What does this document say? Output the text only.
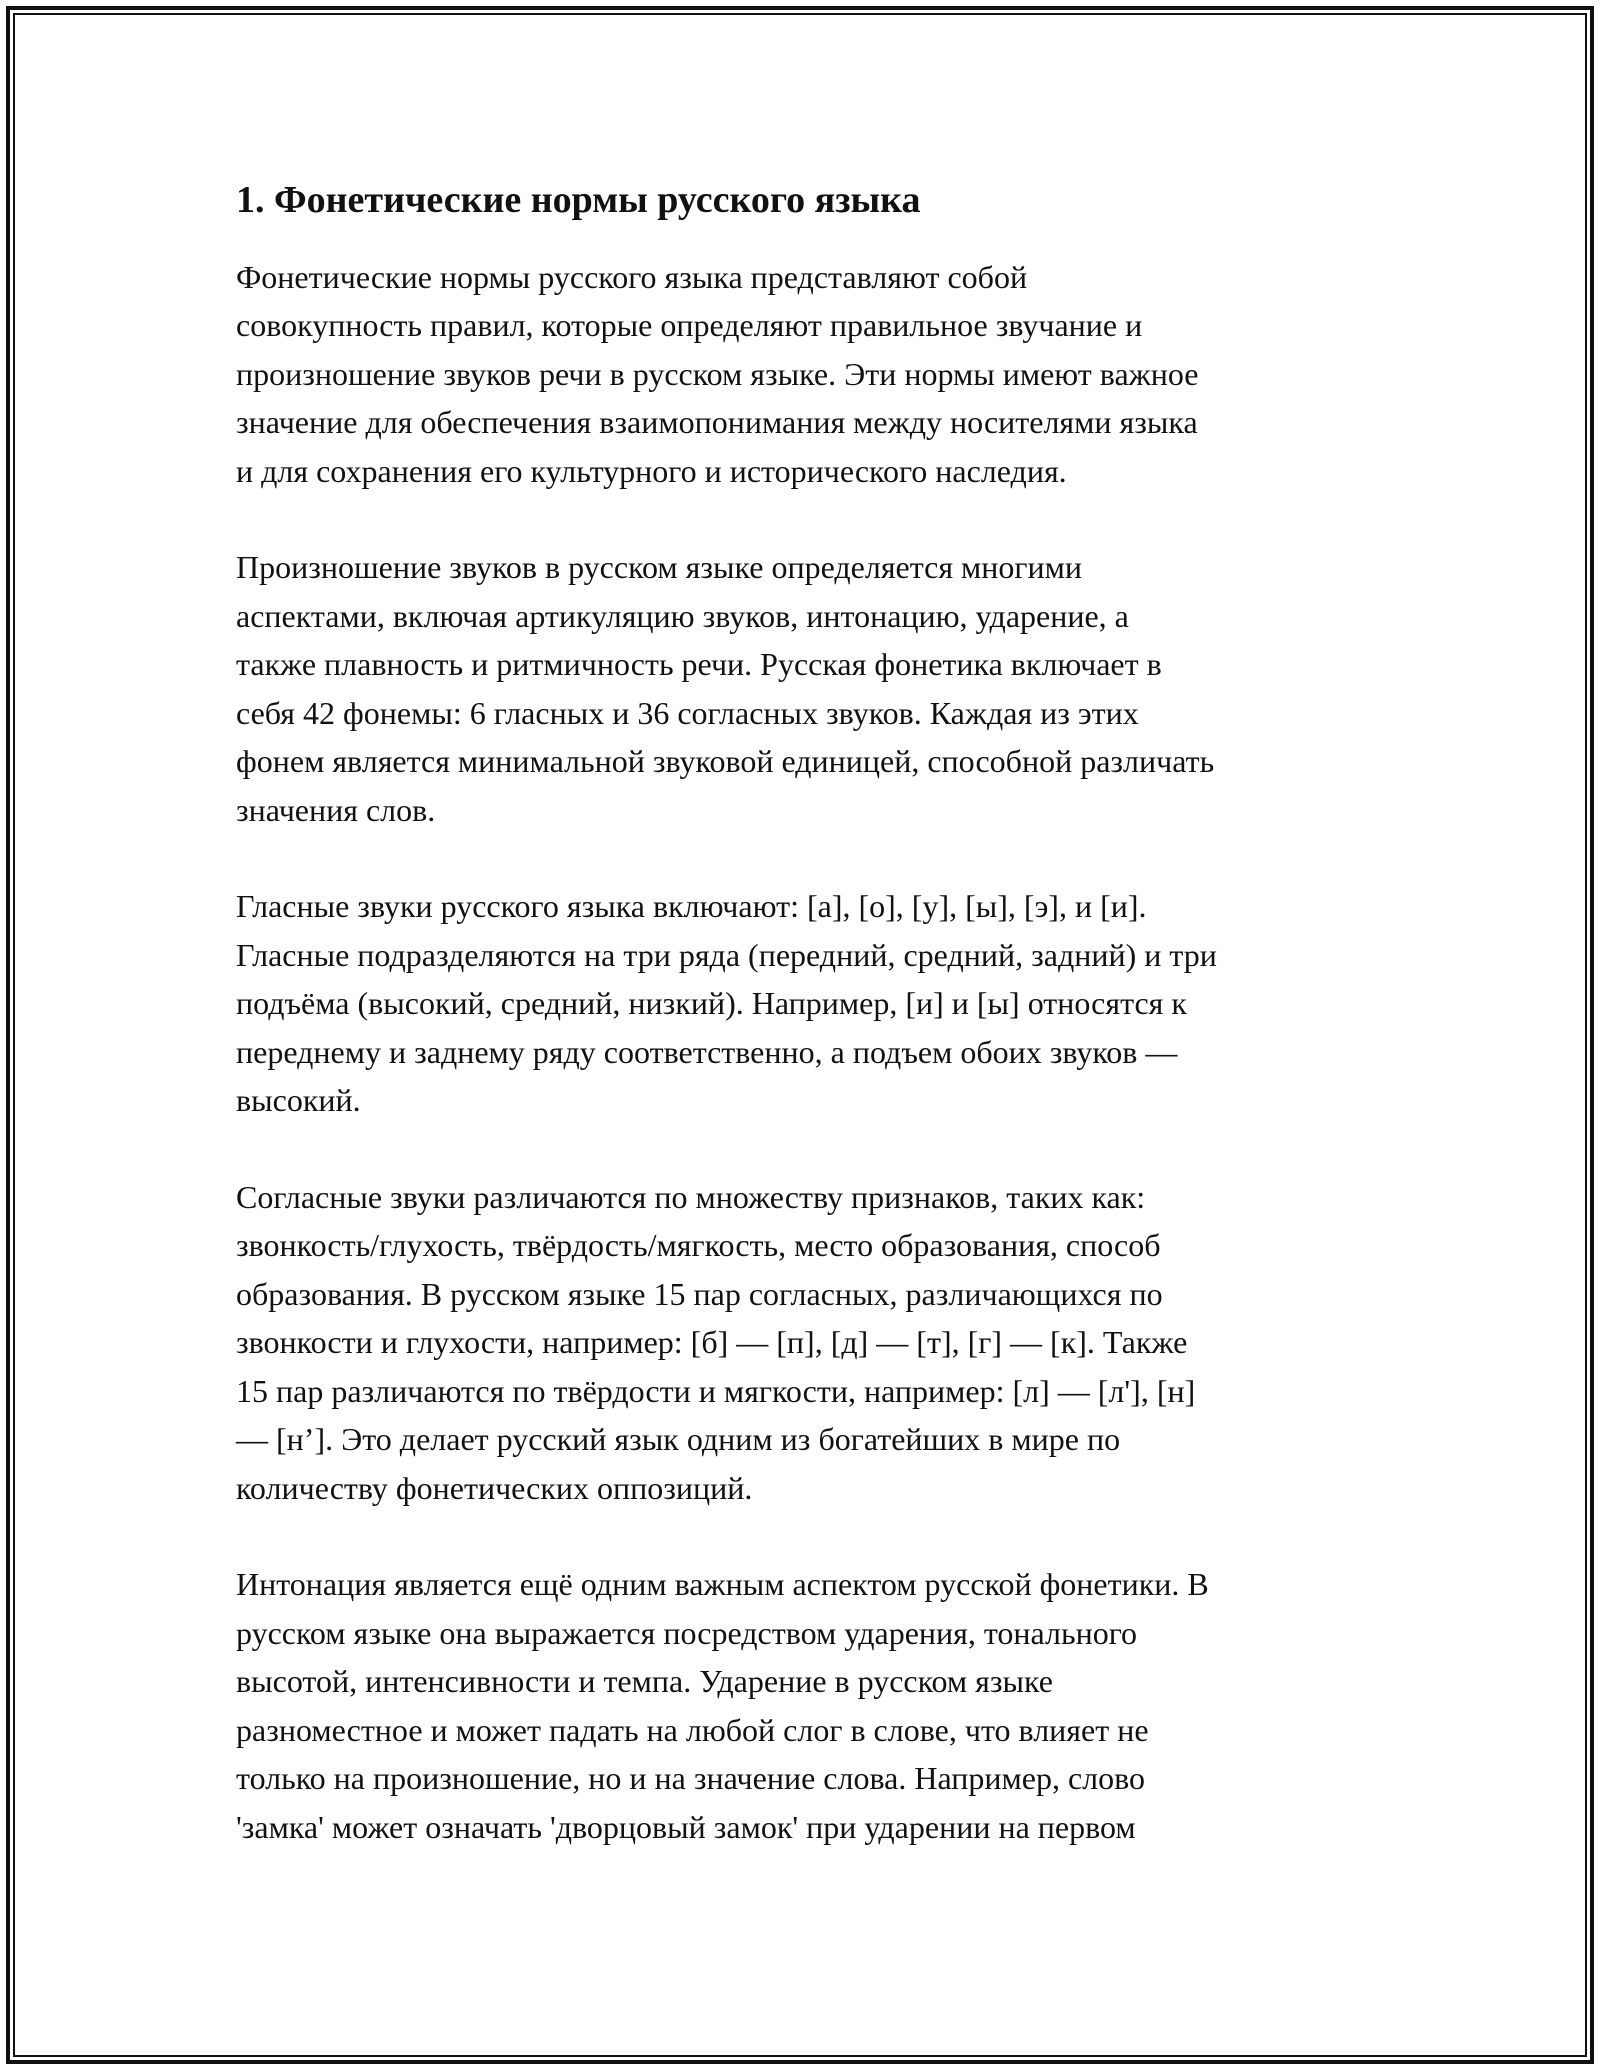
1. Фонетические нормы русского языка

Фонетические нормы русского языка представляют собой
совокупность правил, которые определяют правильное звучание и
произношение звуков речи в русском языке. Эти нормы имеют важное
значение для обеспечения взаимопонимания между носителями языка
и для сохранения его культурного и исторического наследия.

Произношение звуков в русском языке определяется многими
аспектами, включая артикуляцию звуков, интонацию, ударение, а
также плавность и ритмичность речи. Русская фонетика включает в
себя 42 фонемы: 6 гласных и 36 согласных звуков. Каждая из этих
фонем является минимальной звуковой единицей, способной различать
значения слов.

Гласные звуки русского языка включают: [а], [о], [у], [ы], [э], и [и].
Гласные подразделяются на три ряда (передний, средний, задний) и три
подъёма (высокий, средний, низкий). Например, [и] и [ы] относятся к
переднему и заднему ряду соответственно, а подъем обоих звуков —
высокий.

Согласные звуки различаются по множеству признаков, таких как:
звонкость/глухость, твёрдость/мягкость, место образования, способ
образования. В русском языке 15 пар согласных, различающихся по
звонкости и глухости, например: [б] — [п], [д] — [т], [г] — [к]. Также
15 пар различаются по твёрдости и мягкости, например: [л] — [л'], [н]
— [н’]. Это делает русский язык одним из богатейших в мире по
количеству фонетических оппозиций.

Интонация является ещё одним важным аспектом русской фонетики. В
русском языке она выражается посредством ударения, тонального
высотой, интенсивности и темпа. Ударение в русском языке
разноместное и может падать на любой слог в слове, что влияет не
только на произношение, но и на значение слова. Например, слово
'замка' может означать 'дворцовый замок' при ударении на первом
